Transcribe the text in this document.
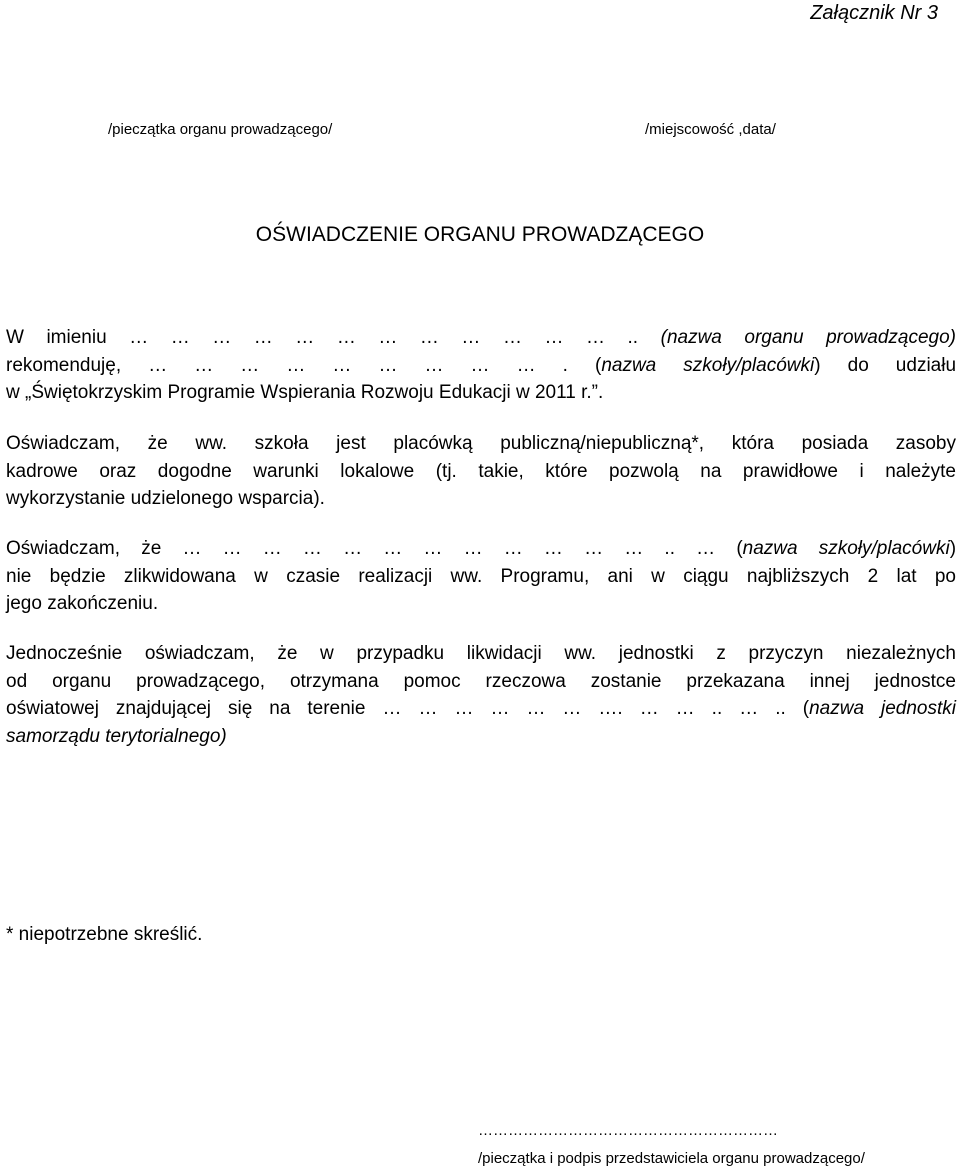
Załącznik Nr 3
/pieczątka organu prowadzącego/	/miejscowość ,data/
OŚWIADCZENIE ORGANU PROWADZĄCEGO
W imieniu … … … … … … … … … … … … .. (nazwa organu prowadzącego)
rekomenduję, … … … … … … … … … . (nazwa szkoły/placówki) do udziału
w „Świętokrzyskim Programie Wspierania Rozwoju Edukacji w 2011 r.”.
Oświadczam, że ww. szkoła jest placówką publiczną/niepubliczną*, która posiada zasoby
kadrowe oraz dogodne warunki lokalowe (tj. takie, które pozwolą na prawidłowe i należyte
wykorzystanie udzielonego wsparcia).
Oświadczam, że … … … … … … … … … … … … .. … (nazwa szkoły/placówki)
nie będzie zlikwidowana w czasie realizacji ww. Programu, ani w ciągu najbliższych 2 lat po
jego zakończeniu.
Jednocześnie oświadczam, że w przypadku likwidacji ww. jednostki z przyczyn niezależnych
od organu prowadzącego, otrzymana pomoc rzeczowa zostanie przekazana innej jednostce
oświatowej znajdującej się na terenie … … … … … … …. … … .. … .. (nazwa jednostki
samorządu terytorialnego)
* niepotrzebne skreślić.
……………………………………………………
/pieczątka i podpis przedstawiciela organu prowadzącego/
